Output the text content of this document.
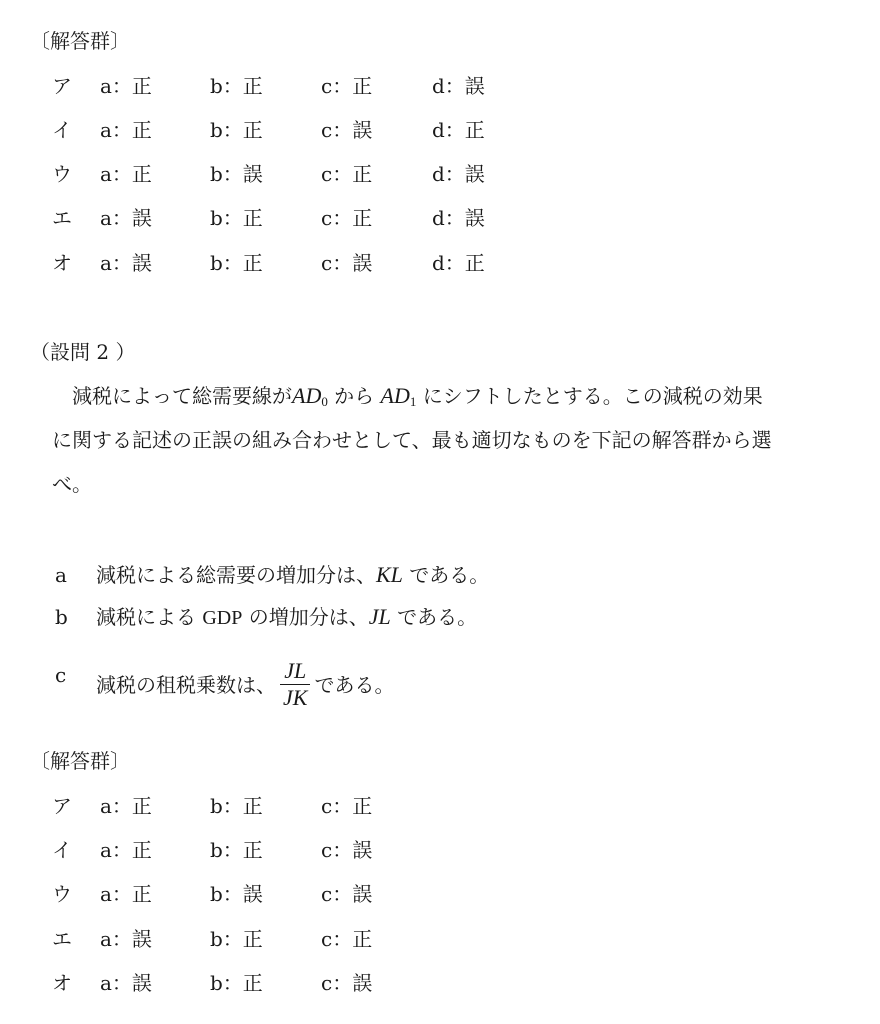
〔解答群〕
ア a：正	b：正	c：正	d：誤
イ a：正	b：正	c：誤	d：正
ウ a：正	b：誤	c：正	d：誤
エ a：誤	b：正	c：正	d：誤
オ a：誤	b：正	c：誤	d：正
（設問 2 ）
減税によって総需要線が$AD_0$ から $AD_1$ にシフトしたとする。この減税の効果
に関する記述の正誤の組み合わせとして、最も適切なものを下記の解答群から選
べ。
a 減税による総需要の増加分は、KL である。
b 減税による GDP の増加分は、JL である。
c 減税の租税乗数は、 $\frac{JL}{JK}$ である。
〔解答群〕
ア a：正	b：正	c：正
イ a：正	b：正	c：誤
ウ a：正	b：誤	c：誤
エ a：誤	b：正	c：正
オ a：誤	b：正	c：誤
